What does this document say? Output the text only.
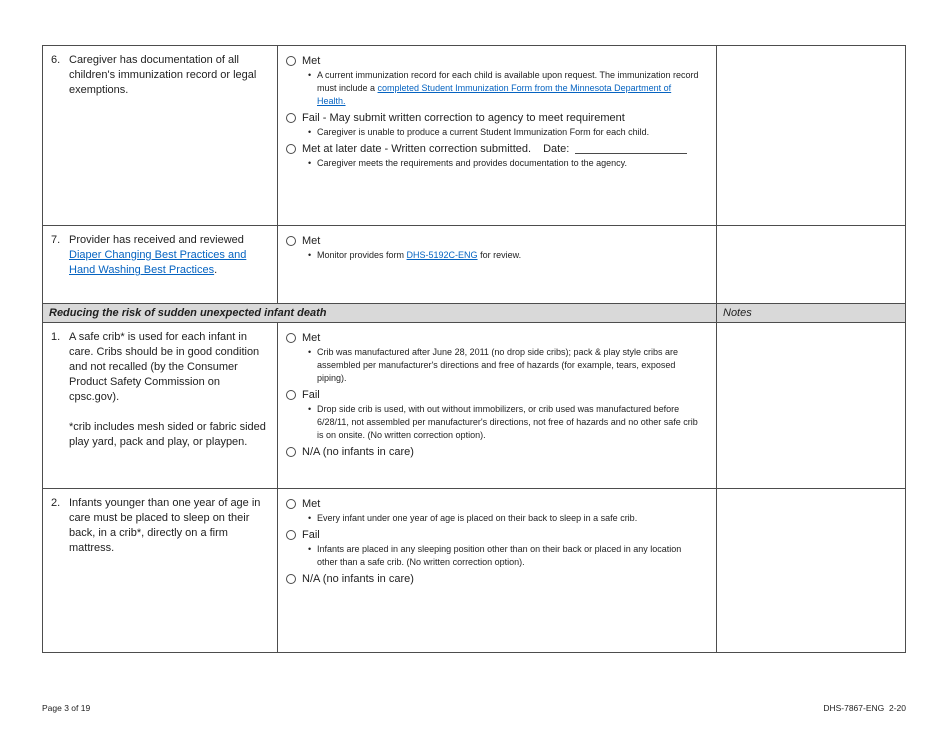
6. Caregiver has documentation of all children's immunization record or legal exemptions.
Met
• A current immunization record for each child is available upon request. The immunization record must include a completed Student Immunization Form from the Minnesota Department of Health.
Fail - May submit written correction to agency to meet requirement
• Caregiver is unable to produce a current Student Immunization Form for each child.
Met at later date - Written correction submitted. Date:
• Caregiver meets the requirements and provides documentation to the agency.
7. Provider has received and reviewed Diaper Changing Best Practices and Hand Washing Best Practices.
Met
• Monitor provides form DHS-5192C-ENG for review.
Reducing the risk of sudden unexpected infant death	Notes
1. A safe crib* is used for each infant in care. Cribs should be in good condition and not recalled (by the Consumer Product Safety Commission on cpsc.gov).
*crib includes mesh sided or fabric sided play yard, pack and play, or playpen.
Met
• Crib was manufactured after June 28, 2011 (no drop side cribs); pack & play style cribs are assembled per manufacturer's directions and free of hazards (for example, tears, exposed piping).
Fail
• Drop side crib is used, with out without immobilizers, or crib used was manufactured before 6/28/11, not assembled per manufacturer's directions, not free of hazards and no other safe crib is on onsite. (No written correction option).
N/A (no infants in care)
2. Infants younger than one year of age in care must be placed to sleep on their back, in a crib*, directly on a firm mattress.
Met
• Every infant under one year of age is placed on their back to sleep in a safe crib.
Fail
• Infants are placed in any sleeping position other than on their back or placed in any location other than a safe crib. (No written correction option).
N/A (no infants in care)
Page 3 of 19	DHS-7867-ENG  2-20
